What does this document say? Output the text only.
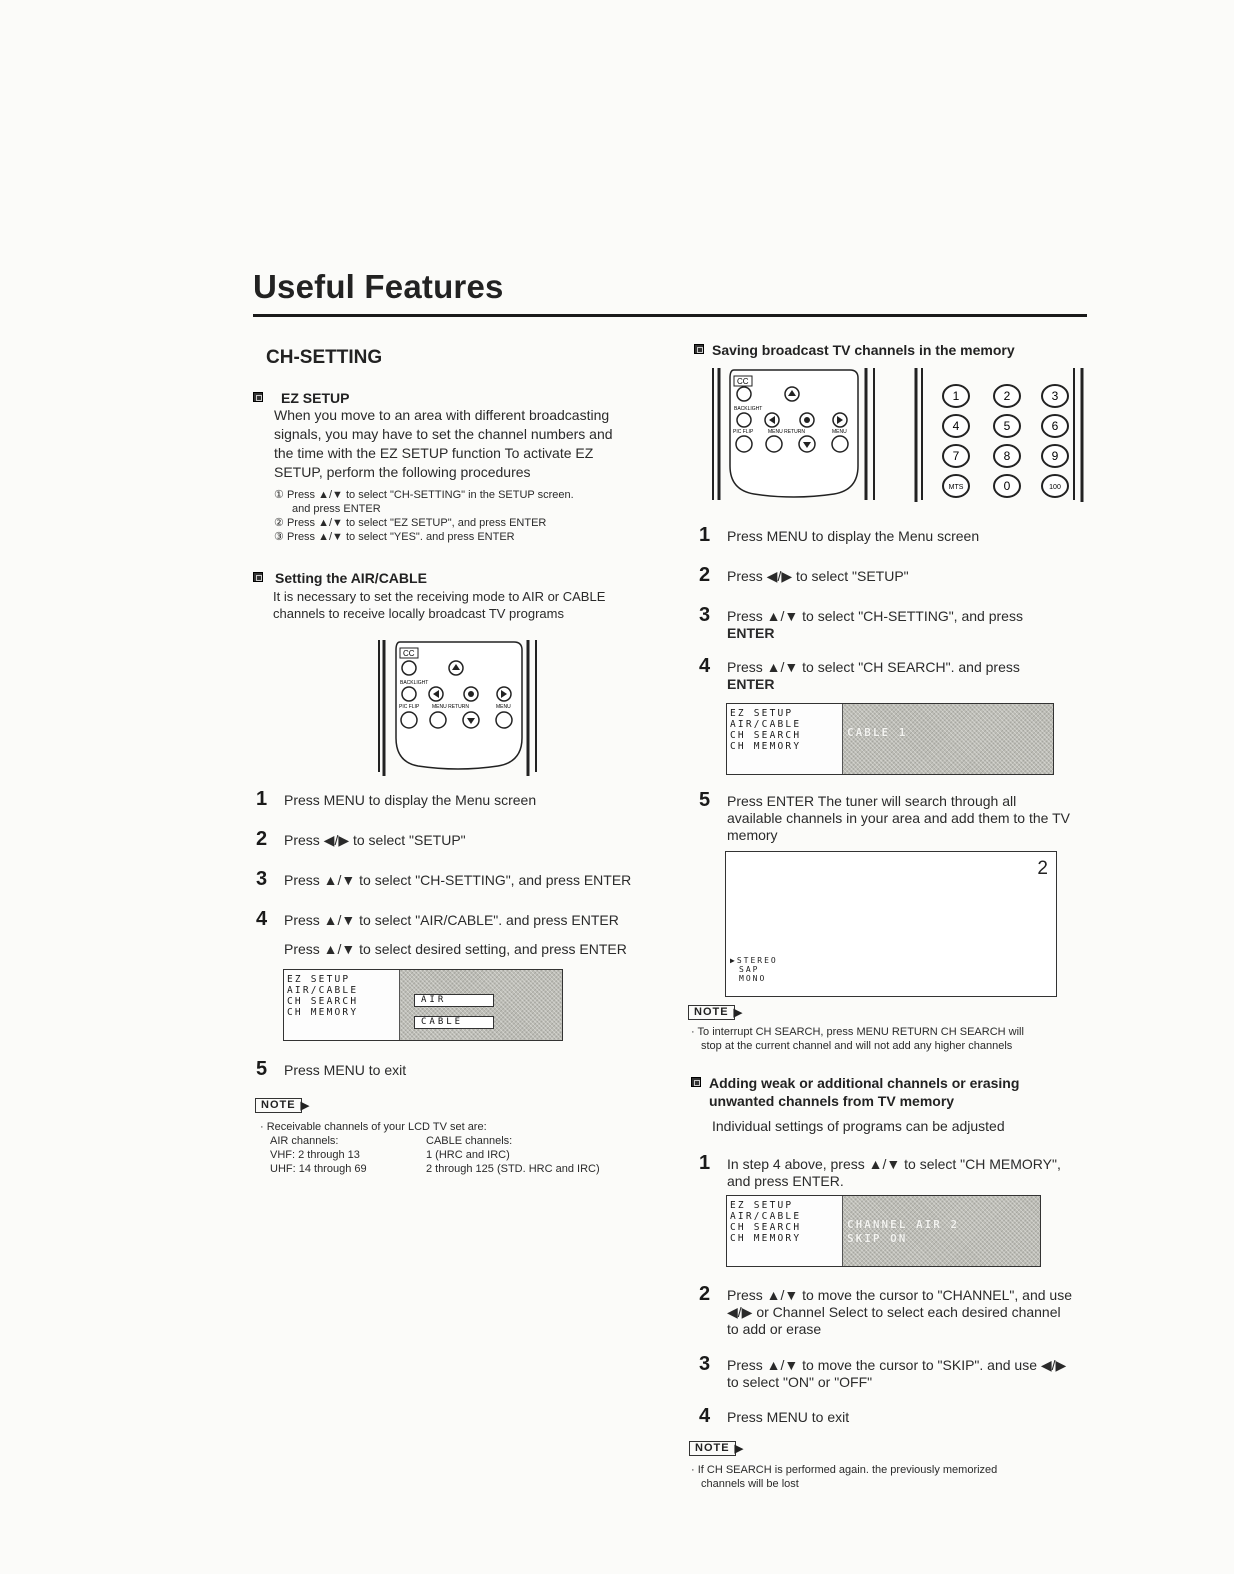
Useful Features
CH-SETTING
EZ SETUP
When you move to an area with different broadcasting
signals, you may have to set the channel numbers and
the time with the EZ SETUP function To activate EZ
SETUP, perform the following procedures
① Press ▲/▼ to select "CH-SETTING" in the SETUP screen.
and press ENTER
② Press ▲/▼ to select "EZ SETUP", and press ENTER
③ Press ▲/▼ to select "YES". and press ENTER
Setting the AIR/CABLE
It is necessary to set the receiving mode to AIR or CABLE
channels to receive locally broadcast TV programs
CC
BACKLIGHT
PIC FLIP	MENU RETURN	MENU
1	Press MENU to display the Menu screen
2	Press ◀/▶ to select "SETUP"
3	Press ▲/▼ to select "CH-SETTING", and press ENTER
4	Press ▲/▼ to select "AIR/CABLE". and press ENTER
Press ▲/▼ to select desired setting, and press ENTER
EZ SETUP
AIR/CABLE
CH SEARCH
CH MEMORY
AIR
CABLE
5	Press MENU to exit
NOTE ▶
· Receivable channels of your LCD TV set are:
AIR channels:	CABLE channels:
VHF: 2 through 13	1 (HRC and IRC)
UHF: 14 through 69	2 through 125 (STD. HRC and IRC)
Saving broadcast TV channels in the memory
CC
BACKLIGHT
PIC FLIP	MENU RETURN	MENU
1	2	3
4	5	6
7	8	9
MTS	0	100
1	Press MENU to display the Menu screen
2	Press ◀/▶ to select "SETUP"
3	Press ▲/▼ to select "CH-SETTING", and press
ENTER
4	Press ▲/▼ to select "CH SEARCH". and press
ENTER
EZ SETUP
AIR/CABLE
CH SEARCH
CH MEMORY
CABLE 1
5	Press ENTER The tuner will search through all
available channels in your area and add them to the TV
memory
2
▶STEREO
SAP
MONO
NOTE ▶
· To interrupt CH SEARCH, press MENU RETURN CH SEARCH will
stop at the current channel and will not add any higher channels
Adding weak or additional channels or erasing
unwanted channels from TV memory
Individual settings of programs can be adjusted
1	In step 4 above, press ▲/▼ to select "CH MEMORY",
and press ENTER.
EZ SETUP
AIR/CABLE
CH SEARCH
CH MEMORY
CHANNEL AIR 2
SKIP ON
2	Press ▲/▼ to move the cursor to "CHANNEL", and use
◀/▶ or Channel Select to select each desired channel
to add or erase
3	Press ▲/▼ to move the cursor to "SKIP". and use ◀/▶
to select "ON" or "OFF"
4	Press MENU to exit
NOTE ▶
· If CH SEARCH is performed again. the previously memorized
channels will be lost
